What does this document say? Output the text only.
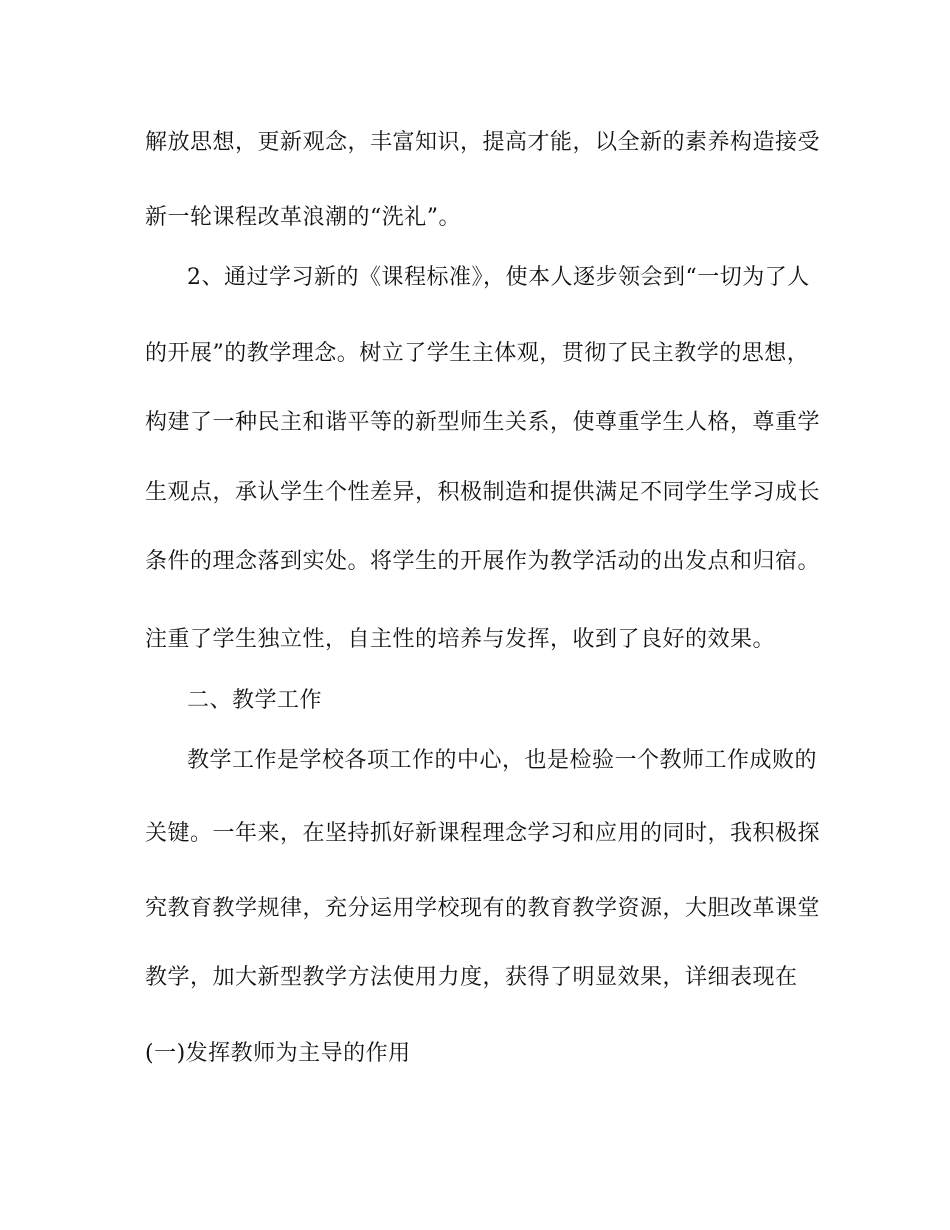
解放思想，更新观念，丰富知识，提高才能，以全新的素养构造接受
新一轮课程改革浪潮的“洗礼”。
2、通过学习新的《课程标准》，使本人逐步领会到“一切为了人
的开展”的教学理念。树立了学生主体观，贯彻了民主教学的思想，
构建了一种民主和谐平等的新型师生关系，使尊重学生人格，尊重学
生观点，承认学生个性差异，积极制造和提供满足不同学生学习成长
条件的理念落到实处。将学生的开展作为教学活动的出发点和归宿。
注重了学生独立性，自主性的培养与发挥，收到了良好的效果。
二、教学工作
教学工作是学校各项工作的中心，也是检验一个教师工作成败的
关键。一年来，在坚持抓好新课程理念学习和应用的同时，我积极探
究教育教学规律，充分运用学校现有的教育教学资源，大胆改革课堂
教学，加大新型教学方法使用力度，获得了明显效果，详细表现在
(一)发挥教师为主导的作用
